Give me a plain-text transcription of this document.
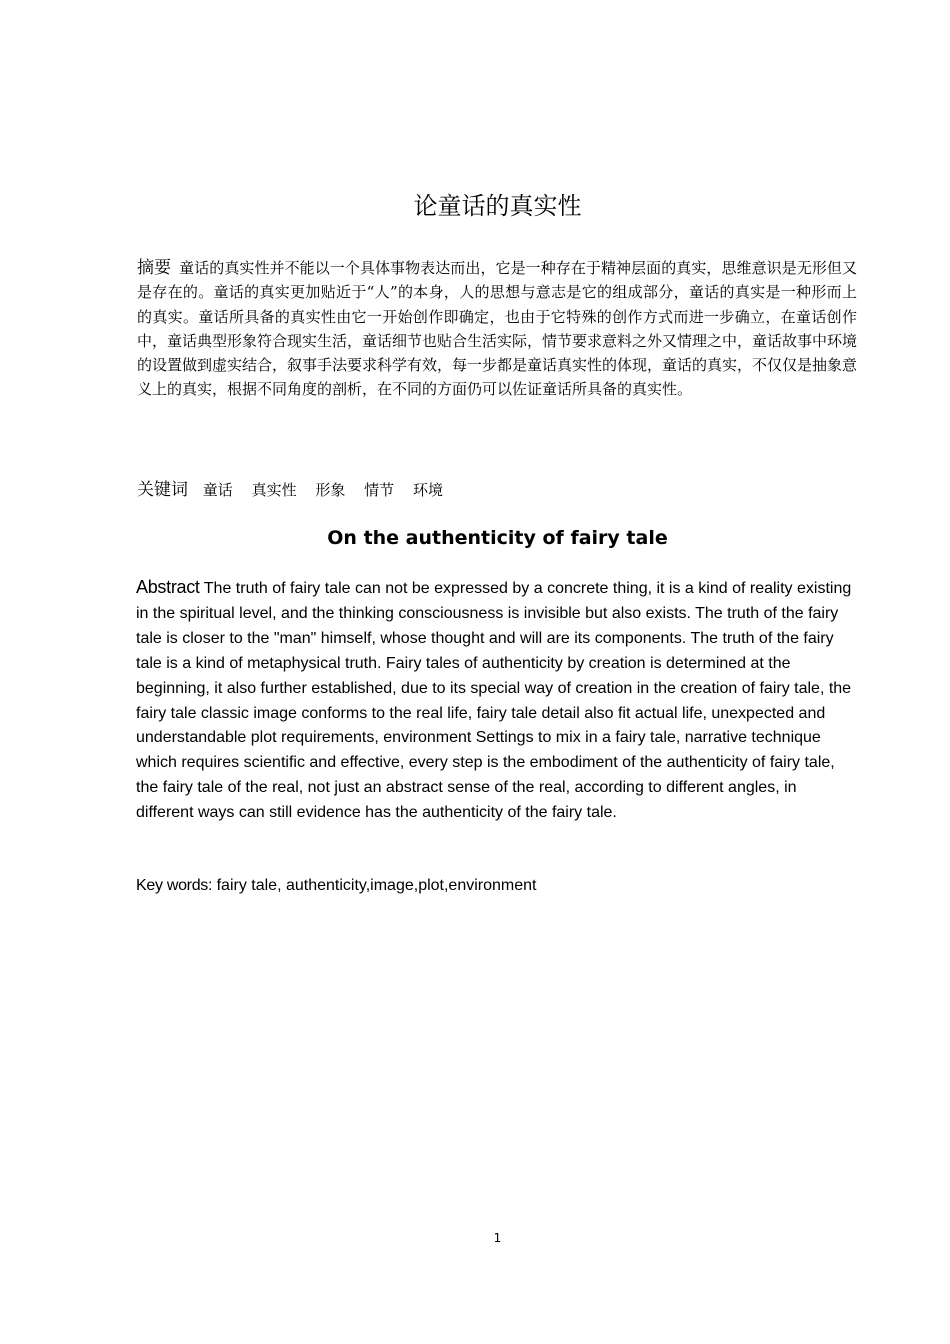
论童话的真实性
摘要 童话的真实性并不能以一个具体事物表达而出，它是一种存在于精神层面的真实，思维意识是无形但又是存在的。童话的真实更加贴近于“人”的本身，人的思想与意志是它的组成部分，童话的真实是一种形而上的真实。童话所具备的真实性由它一开始创作即确定，也由于它特殊的创作方式而进一步确立，在童话创作中，童话典型形象符合现实生活，童话细节也贴合生活实际，情节要求意料之外又情理之中，童话故事中环境的设置做到虚实结合，叙事手法要求科学有效，每一步都是童话真实性的体现，童话的真实，不仅仅是抽象意义上的真实，根据不同角度的剖析，在不同的方面仍可以佐证童话所具备的真实性。
关键词 童话 真实性 形象 情节 环境
On the authenticity of fairy tale
Abstract The truth of fairy tale can not be expressed by a concrete thing, it is a kind of reality existing in the spiritual level, and the thinking consciousness is invisible but also exists. The truth of the fairy tale is closer to the "man" himself, whose thought and will are its components. The truth of the fairy tale is a kind of metaphysical truth. Fairy tales of authenticity by creation is determined at the beginning, it also further established, due to its special way of creation in the creation of fairy tale, the fairy tale classic image conforms to the real life, fairy tale detail also fit actual life, unexpected and understandable plot requirements, environment Settings to mix in a fairy tale, narrative technique which requires scientific and effective, every step is the embodiment of the authenticity of fairy tale, the fairy tale of the real, not just an abstract sense of the real, according to different angles, in different ways can still evidence has the authenticity of the fairy tale.
Key words: fairy tale, authenticity,image,plot,environment
1
